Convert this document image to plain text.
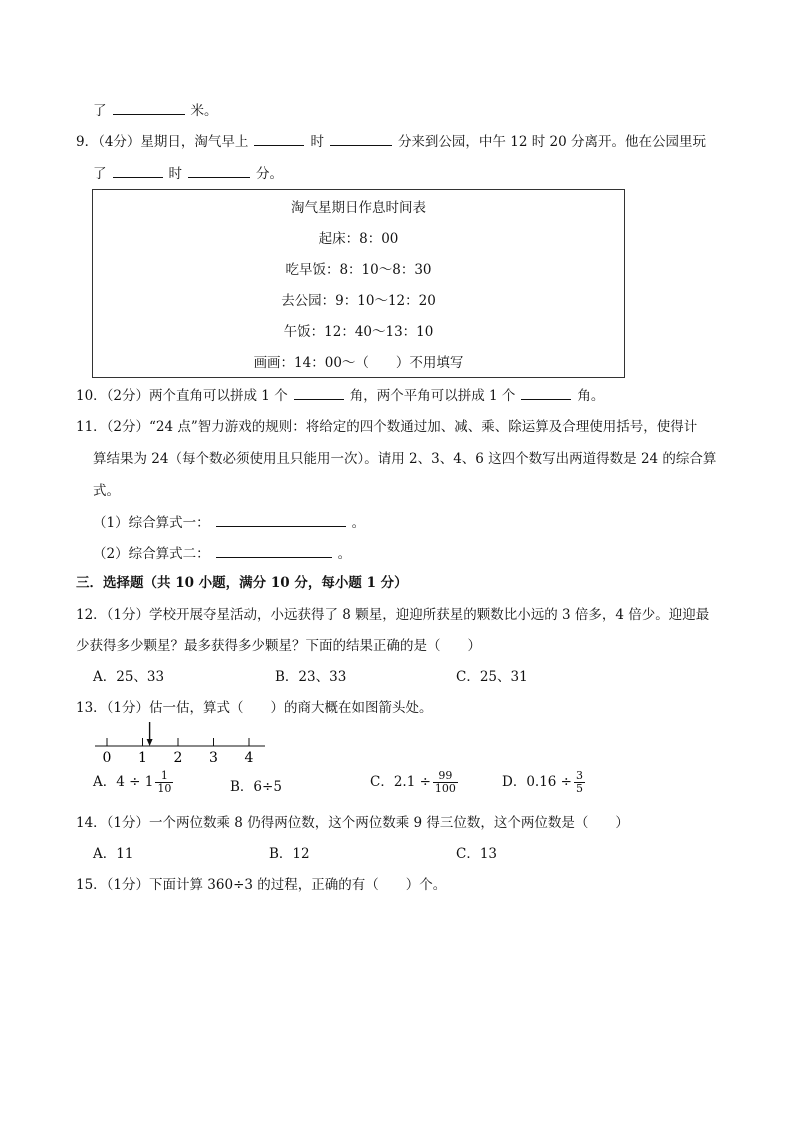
了	米。
9．（4分）星期日，淘气早上	时	分来到公园，中午 12 时 20 分离开。他在公园里玩
了	时	分。
淘气星期日作息时间表
起床：8：00
吃早饭：8：10～8：30
去公园：9：10～12：20
午饭：12：40～13：10
画画：14：00～（　　）不用填写
10．（2分）两个直角可以拼成 1 个	角，两个平角可以拼成 1 个	角。
11．（2分）“24 点”智力游戏的规则：将给定的四个数通过加、减、乘、除运算及合理使用括号，使得计
算结果为 24（每个数必须使用且只能用一次）。请用 2、3、4、6 这四个数写出两道得数是 24 的综合算
式。
（1）综合算式一：	。
（2）综合算式二：	。
三．选择题（共 10 小题，满分 10 分，每小题 1 分）
12．（1分）学校开展夺星活动，小远获得了 8 颗星，迎迎所获星的颗数比小远的 3 倍多，4 倍少。迎迎最
少获得多少颗星？最多获得多少颗星？下面的结果正确的是（　　）
A．25、33	B．23、33	C．25、31
13．（1分）估一估，算式（　　）的商大概在如图箭头处。
0 1 2 3 4
A．$4 \div 1 \frac{1}{10}$	B．6÷5	C．$2.1 \div \frac{99}{100}$	D．$0.16 \div \frac{3}{5}$
14．（1分）一个两位数乘 8 仍得两位数，这个两位数乘 9 得三位数，这个两位数是（　　）
A．11	B．12	C．13
15．（1分）下面计算 360÷3 的过程，正确的有（　　）个。
